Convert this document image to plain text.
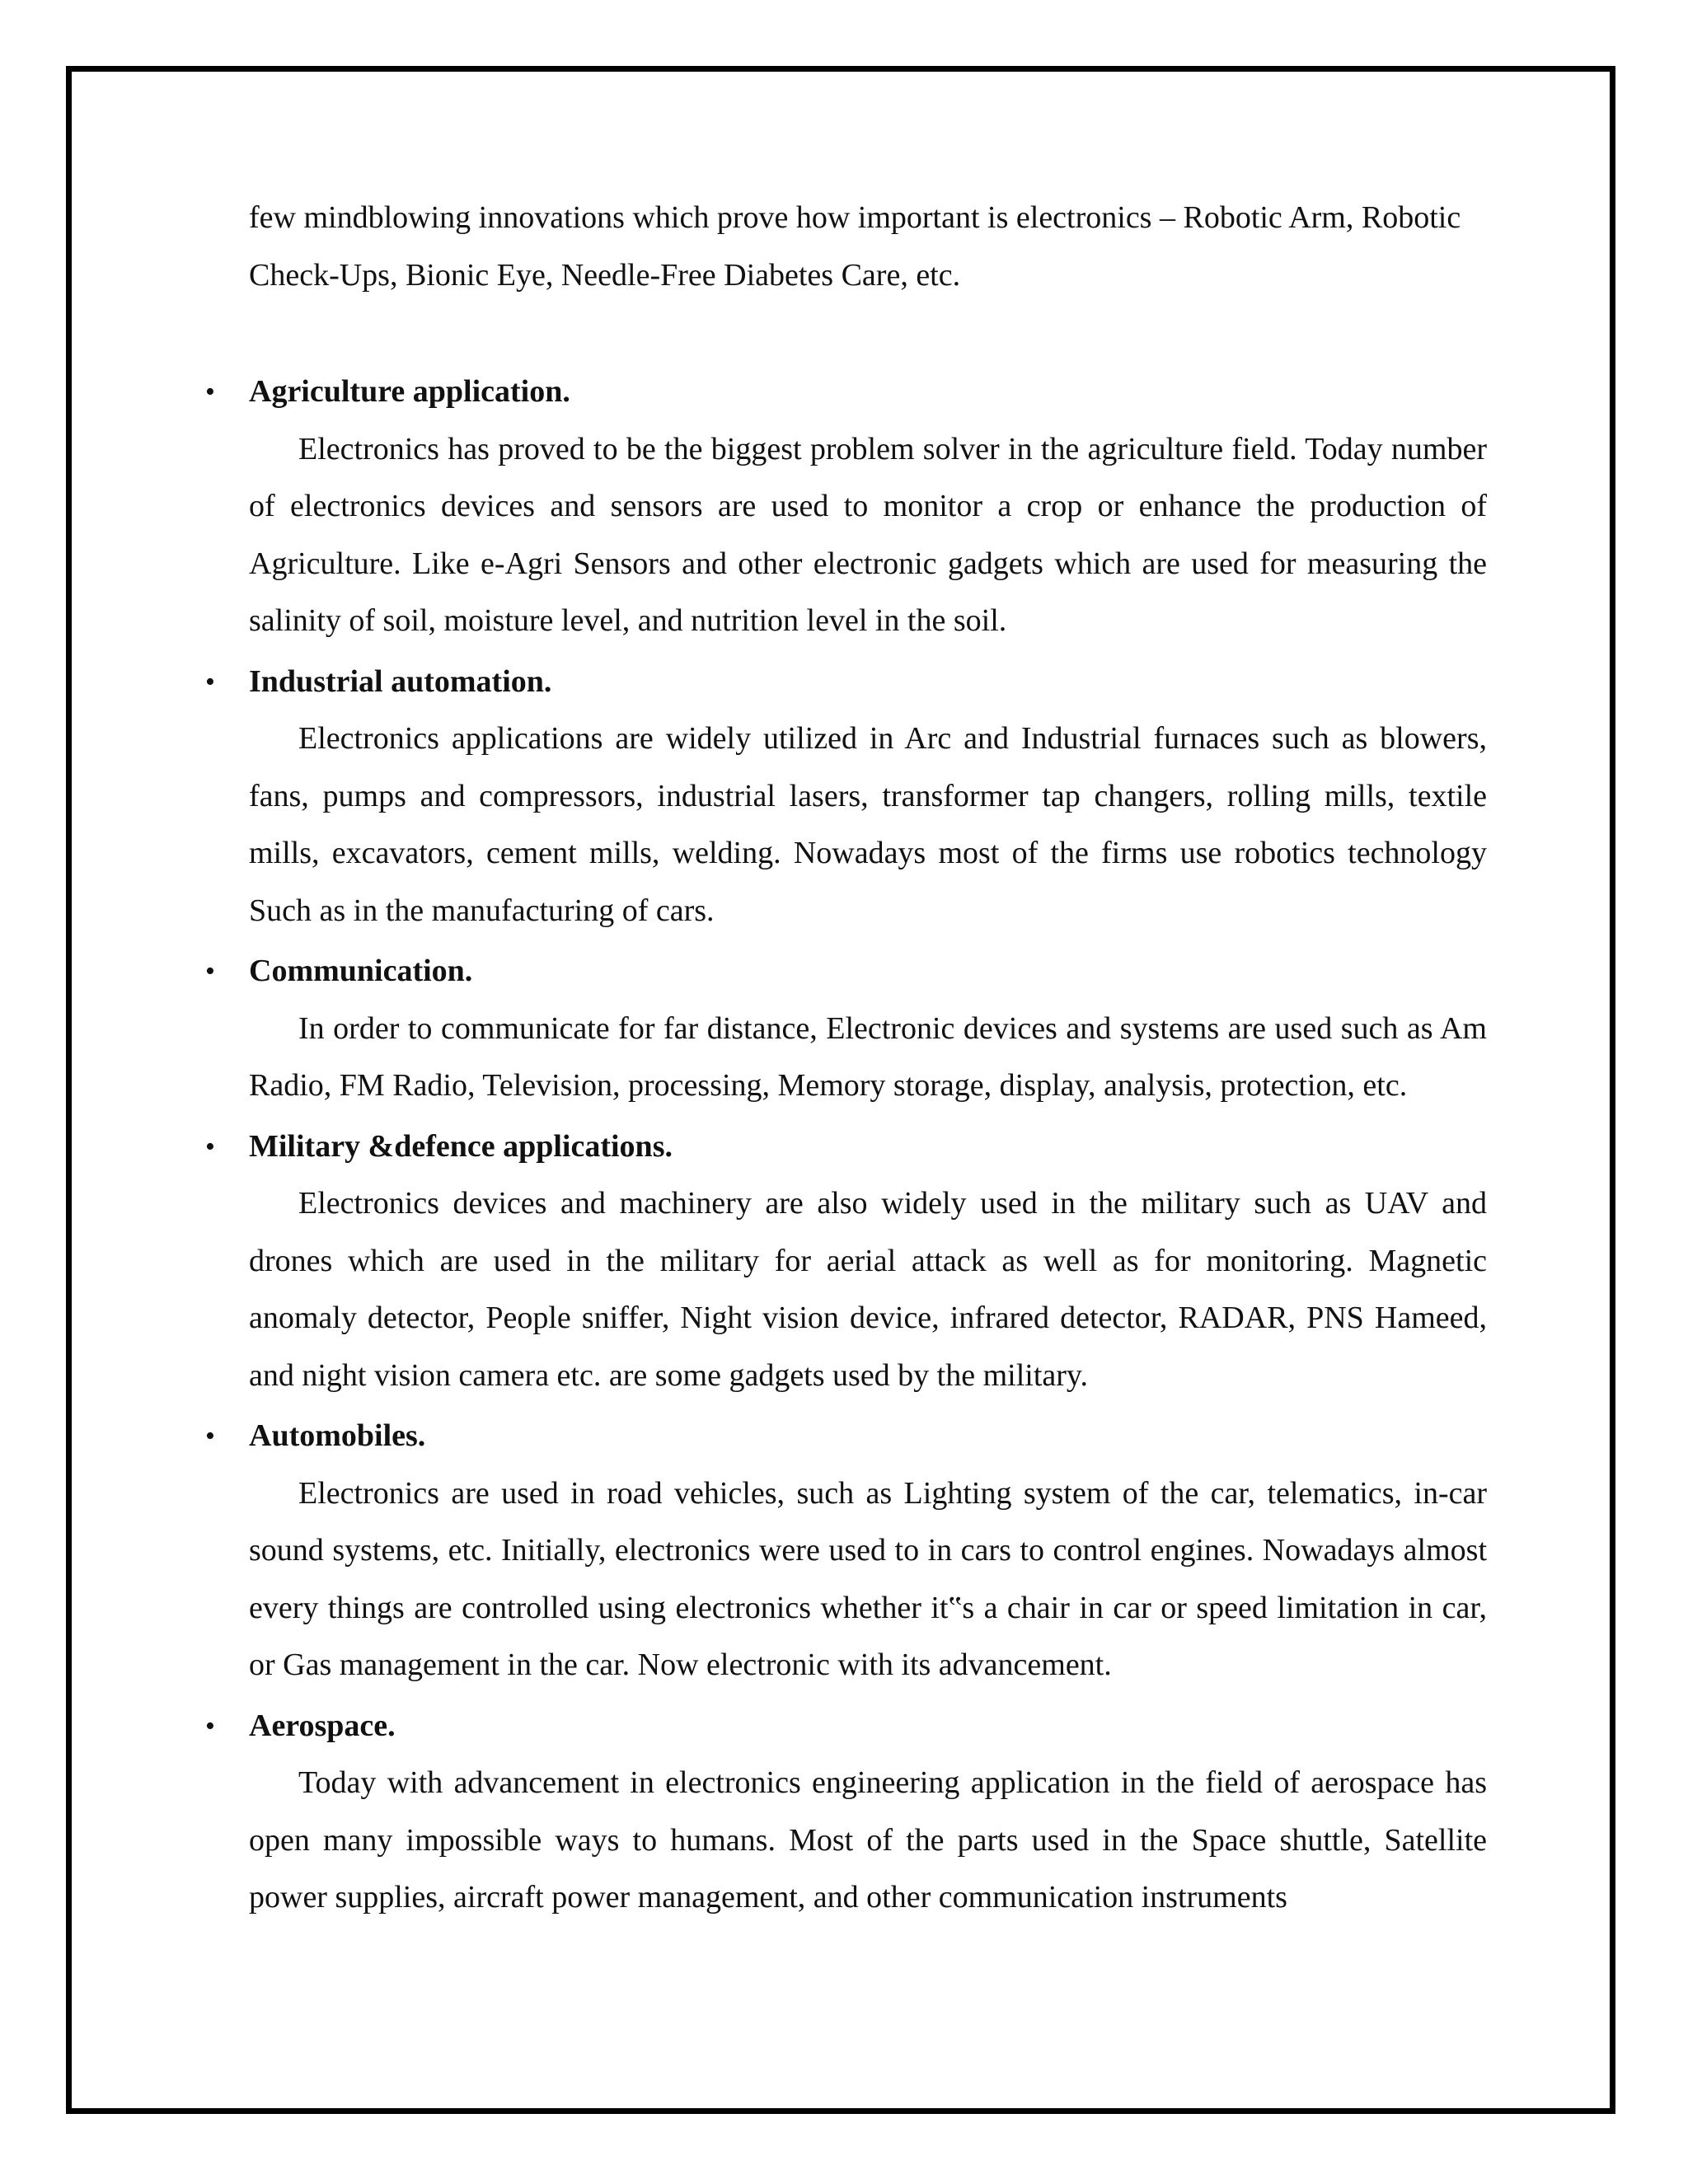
few mindblowing innovations which prove how important is electronics – Robotic Arm, Robotic Check-Ups, Bionic Eye, Needle-Free Diabetes Care, etc.

• Agriculture application.

Electronics has proved to be the biggest problem solver in the agriculture field. Today number of electronics devices and sensors are used to monitor a crop or enhance the production of Agriculture. Like e-Agri Sensors and other electronic gadgets which are used for measuring the salinity of soil, moisture level, and nutrition level in the soil.

• Industrial automation.

Electronics applications are widely utilized in Arc and Industrial furnaces such as blowers, fans, pumps and compressors, industrial lasers, transformer tap changers, rolling mills, textile mills, excavators, cement mills, welding. Nowadays most of the firms use robotics technology Such as in the manufacturing of cars.

• Communication.

In order to communicate for far distance, Electronic devices and systems are used such as Am Radio, FM Radio, Television, processing, Memory storage, display, analysis, protection, etc.

• Military &defence applications.

Electronics devices and machinery are also widely used in the military such as UAV and drones which are used in the military for aerial attack as well as for monitoring. Magnetic anomaly detector, People sniffer, Night vision device, infrared detector, RADAR, PNS Hameed, and night vision camera etc. are some gadgets used by the military.

• Automobiles.

Electronics are used in road vehicles, such as Lighting system of the car, telematics, in-car sound systems, etc. Initially, electronics were used to in cars to control engines. Nowadays almost every things are controlled using electronics whether it‟s a chair in car or speed limitation in car, or Gas management in the car. Now electronic with its advancement.

• Aerospace.

Today with advancement in electronics engineering application in the field of aerospace has open many impossible ways to humans. Most of the parts used in the Space shuttle, Satellite power supplies, aircraft power management, and other communication instruments
